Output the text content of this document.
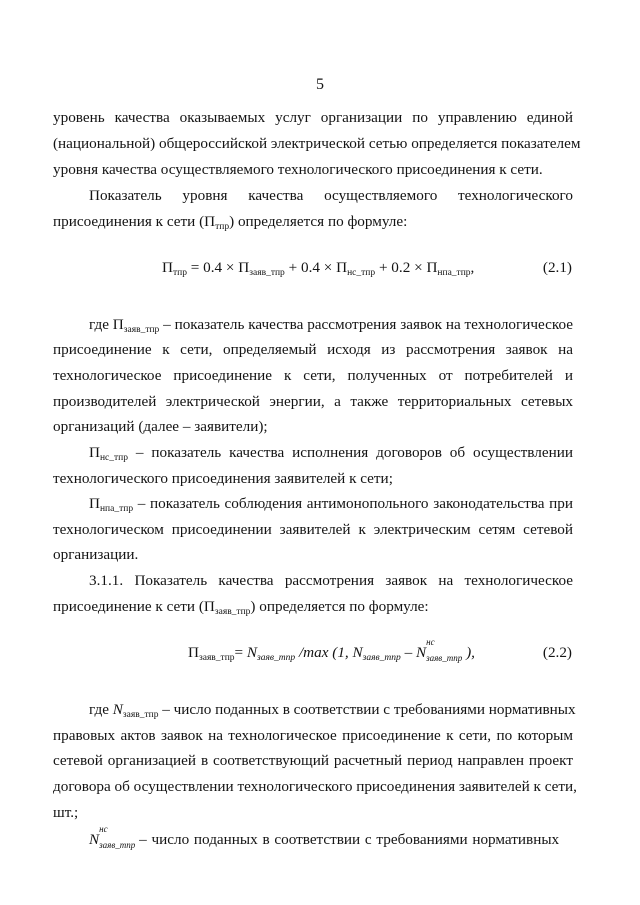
5
уровень качества оказываемых услуг организации по управлению единой
(национальной) общероссийской электрической сетью определяется показателем
уровня качества осуществляемого технологического присоединения к сети.
Показатель уровня качества осуществляемого технологического
присоединения к сети $(П_{тпр})$ определяется по формуле:
$П_{тпр} = 0.4 \times П_{заяв\_тпр} + 0.4 \times П_{нс\_тпр} + 0.2 \times П_{нпа\_тпр}$,	(2.1)
где $П_{заяв\_тпр}$ – показатель качества рассмотрения заявок на технологическое
присоединение к сети, определяемый исходя из рассмотрения заявок на
технологическое присоединение к сети, полученных от потребителей и
производителей электрической энергии, а также территориальных сетевых
организаций (далее – заявители);
$П_{нс\_тпр}$ – показатель качества исполнения договоров об осуществлении
технологического присоединения заявителей к сети;
$П_{нпа\_тпр}$ – показатель соблюдения антимонопольного законодательства при
технологическом присоединении заявителей к электрическим сетям сетевой
организации.
3.1.1. Показатель качества рассмотрения заявок на технологическое
присоединение к сети $(П_{заяв\_тпр})$ определяется по формуле:
$П_{заяв\_тпр}= N_{заяв\_тпр}$ /max (1, $N_{заяв\_тпр}$ – N
нс
заяв_тпр ),	(2.2)
где $N_{заяв\_тпр}$ – число поданных в соответствии с требованиями нормативных
правовых актов заявок на технологическое присоединение к сети, по которым
сетевой организацией в соответствующий расчетный период направлен проект
договора об осуществлении технологического присоединения заявителей к сети,
шт.;
N
нс
заяв_тпр – число поданных в соответствии с требованиями нормативных
